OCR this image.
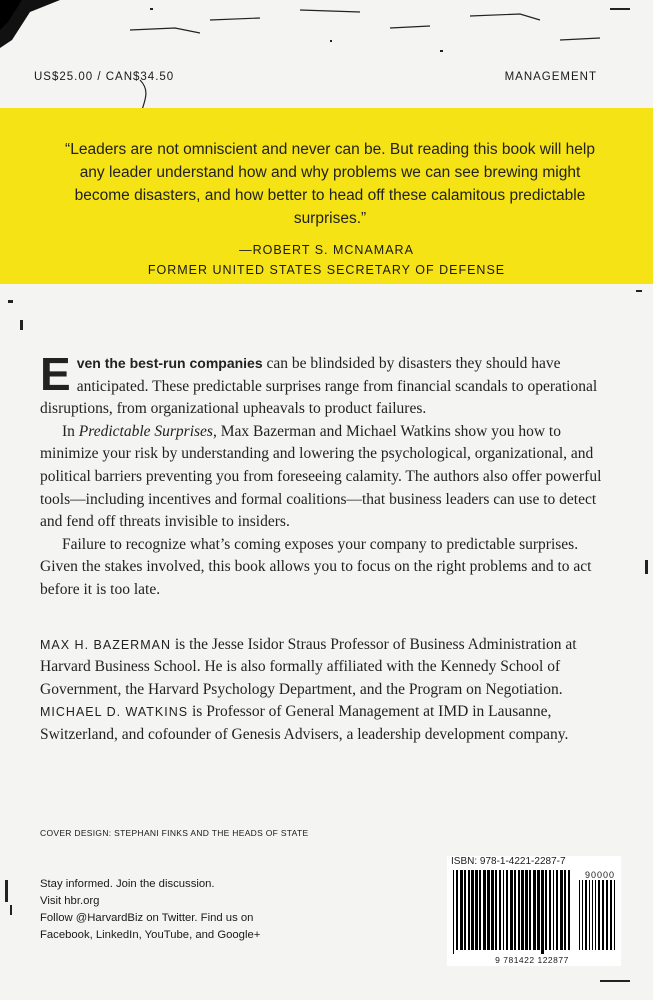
US$25.00 / CAN$34.50	MANAGEMENT
“Leaders are not omniscient and never can be. But reading this book will help any leader understand how and why problems we can see brewing might become disasters, and how better to head off these calamitous predictable surprises.”
—ROBERT S. MCNAMARA
FORMER UNITED STATES SECRETARY OF DEFENSE

Even the best-run companies can be blindsided by disasters they should have anticipated. These predictable surprises range from financial scandals to operational disruptions, from organizational upheavals to product failures.

In Predictable Surprises, Max Bazerman and Michael Watkins show you how to minimize your risk by understanding and lowering the psychological, organizational, and political barriers preventing you from foreseeing calamity. The authors also offer powerful tools—including incentives and formal coalitions—that business leaders can use to detect and fend off threats invisible to insiders.

Failure to recognize what’s coming exposes your company to predictable surprises. Given the stakes involved, this book allows you to focus on the right problems and to act before it is too late.

MAX H. BAZERMAN is the Jesse Isidor Straus Professor of Business Administration at Harvard Business School. He is also formally affiliated with the Kennedy School of Government, the Harvard Psychology Department, and the Program on Negotiation. MICHAEL D. WATKINS is Professor of General Management at IMD in Lausanne, Switzerland, and cofounder of Genesis Advisers, a leadership development company.

COVER DESIGN: STEPHANI FINKS AND THE HEADS OF STATE
Stay informed. Join the discussion.
Visit hbr.org
Follow @HarvardBiz on Twitter. Find us on
Facebook, LinkedIn, YouTube, and Google+
ISBN: 978-1-4221-2287-7
90000
9 781422 122877
